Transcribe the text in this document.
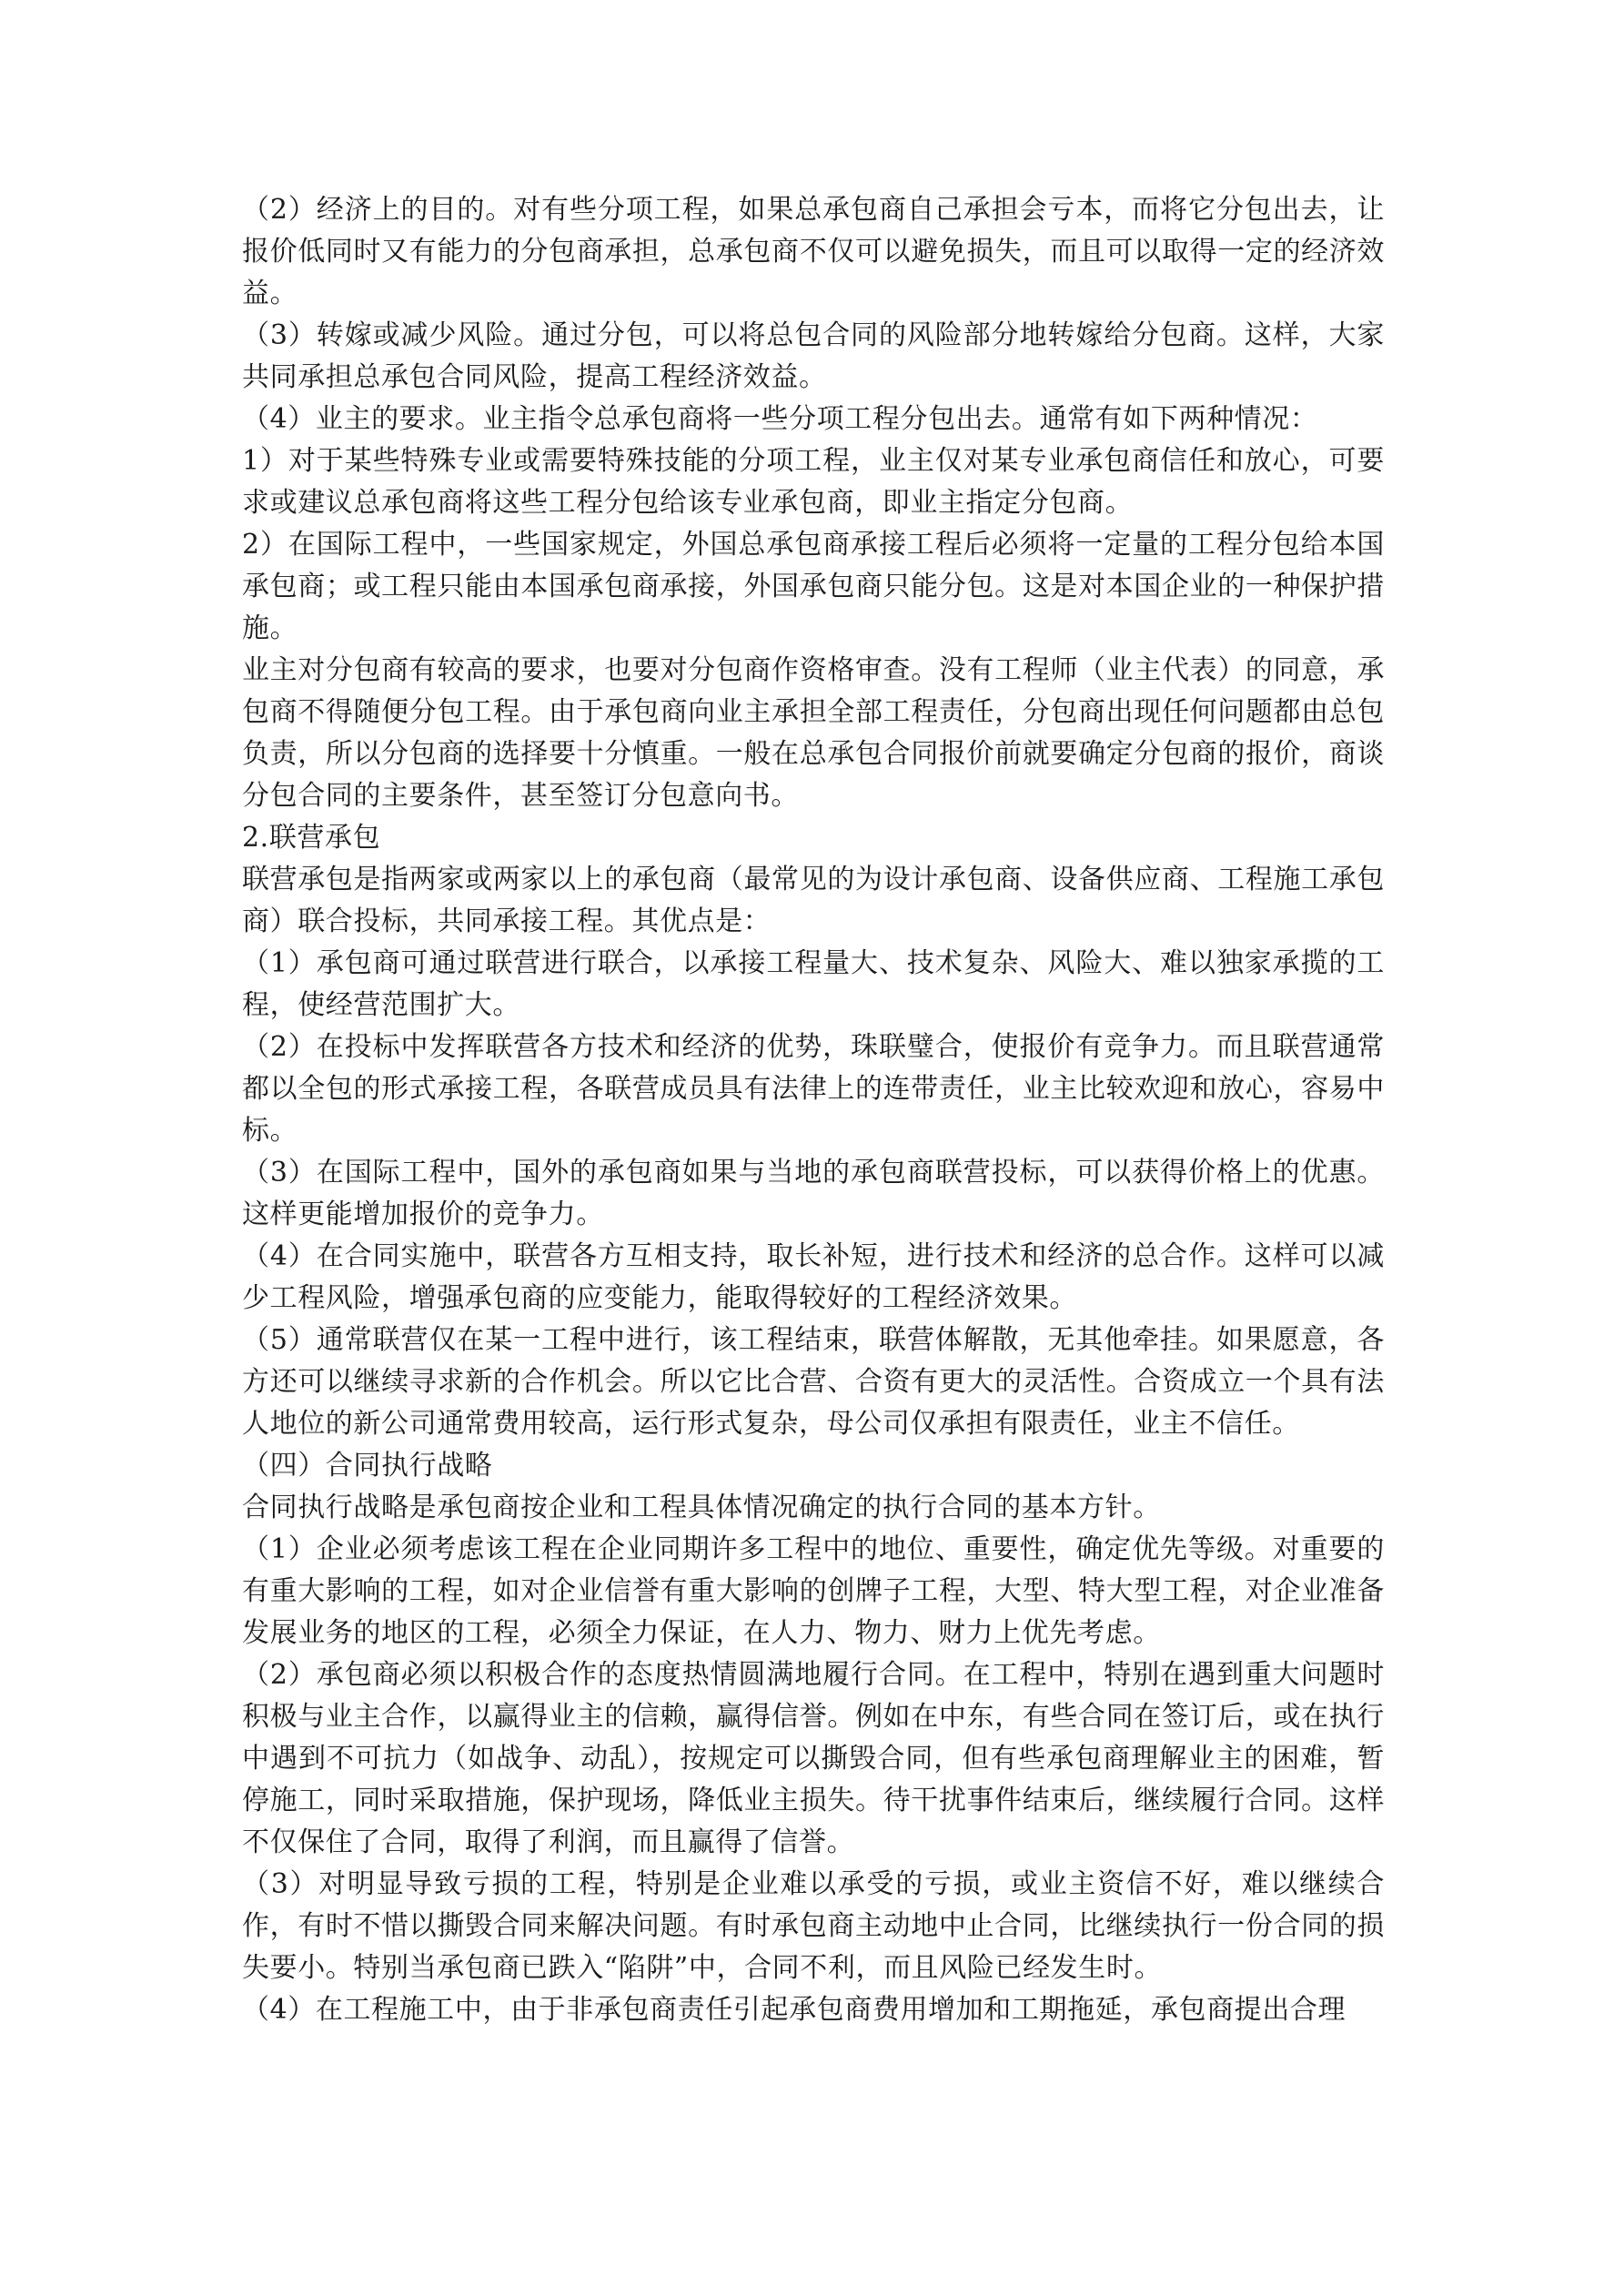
（2）经济上的目的。对有些分项工程，如果总承包商自己承担会亏本，而将它分包出去，让报价低同时又有能力的分包商承担，总承包商不仅可以避免损失，而且可以取得一定的经济效益。

（3）转嫁或减少风险。通过分包，可以将总包合同的风险部分地转嫁给分包商。这样，大家共同承担总承包合同风险，提高工程经济效益。

（4）业主的要求。业主指令总承包商将一些分项工程分包出去。通常有如下两种情况：

1）对于某些特殊专业或需要特殊技能的分项工程，业主仅对某专业承包商信任和放心，可要求或建议总承包商将这些工程分包给该专业承包商，即业主指定分包商。

2）在国际工程中，一些国家规定，外国总承包商承接工程后必须将一定量的工程分包给本国承包商；或工程只能由本国承包商承接，外国承包商只能分包。这是对本国企业的一种保护措施。

业主对分包商有较高的要求，也要对分包商作资格审查。没有工程师（业主代表）的同意，承包商不得随便分包工程。由于承包商向业主承担全部工程责任，分包商出现任何问题都由总包负责，所以分包商的选择要十分慎重。一般在总承包合同报价前就要确定分包商的报价，商谈分包合同的主要条件，甚至签订分包意向书。

2.联营承包

联营承包是指两家或两家以上的承包商（最常见的为设计承包商、设备供应商、工程施工承包商）联合投标，共同承接工程。其优点是：

（1）承包商可通过联营进行联合，以承接工程量大、技术复杂、风险大、难以独家承揽的工程，使经营范围扩大。

（2）在投标中发挥联营各方技术和经济的优势，珠联璧合，使报价有竞争力。而且联营通常都以全包的形式承接工程，各联营成员具有法律上的连带责任，业主比较欢迎和放心，容易中标。

（3）在国际工程中，国外的承包商如果与当地的承包商联营投标，可以获得价格上的优惠。这样更能增加报价的竞争力。

（4）在合同实施中，联营各方互相支持，取长补短，进行技术和经济的总合作。这样可以减少工程风险，增强承包商的应变能力，能取得较好的工程经济效果。

（5）通常联营仅在某一工程中进行，该工程结束，联营体解散，无其他牵挂。如果愿意，各方还可以继续寻求新的合作机会。所以它比合营、合资有更大的灵活性。合资成立一个具有法人地位的新公司通常费用较高，运行形式复杂，母公司仅承担有限责任，业主不信任。

（四）合同执行战略

合同执行战略是承包商按企业和工程具体情况确定的执行合同的基本方针。

（1）企业必须考虑该工程在企业同期许多工程中的地位、重要性，确定优先等级。对重要的有重大影响的工程，如对企业信誉有重大影响的创牌子工程，大型、特大型工程，对企业准备发展业务的地区的工程，必须全力保证，在人力、物力、财力上优先考虑。

（2）承包商必须以积极合作的态度热情圆满地履行合同。在工程中，特别在遇到重大问题时积极与业主合作，以赢得业主的信赖，赢得信誉。例如在中东，有些合同在签订后，或在执行中遇到不可抗力（如战争、动乱），按规定可以撕毁合同，但有些承包商理解业主的困难，暂停施工，同时采取措施，保护现场，降低业主损失。待干扰事件结束后，继续履行合同。这样不仅保住了合同，取得了利润，而且赢得了信誉。

（3）对明显导致亏损的工程，特别是企业难以承受的亏损，或业主资信不好，难以继续合作，有时不惜以撕毁合同来解决问题。有时承包商主动地中止合同，比继续执行一份合同的损失要小。特别当承包商已跌入“陷阱”中，合同不利，而且风险已经发生时。

（4）在工程施工中，由于非承包商责任引起承包商费用增加和工期拖延，承包商提出合理
